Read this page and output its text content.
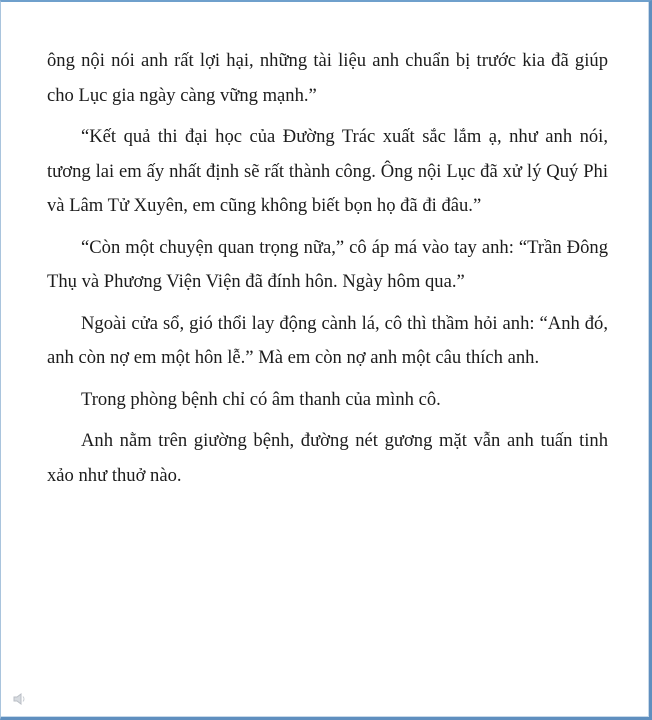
ông nội nói anh rất lợi hại, những tài liệu anh chuẩn bị trước kia đã giúp cho Lục gia ngày càng vững mạnh.”

“Kết quả thi đại học của Đường Trác xuất sắc lắm ạ, như anh nói, tương lai em ấy nhất định sẽ rất thành công. Ông nội Lục đã xử lý Quý Phi và Lâm Tử Xuyên, em cũng không biết bọn họ đã đi đâu.”

“Còn một chuyện quan trọng nữa,” cô áp má vào tay anh: “Trần Đông Thụ và Phương Viện Viện đã đính hôn. Ngày hôm qua.”

Ngoài cửa sổ, gió thổi lay động cành lá, cô thì thầm hỏi anh: “Anh đó, anh còn nợ em một hôn lễ.” Mà em còn nợ anh một câu thích anh.

Trong phòng bệnh chỉ có âm thanh của mình cô.

Anh nằm trên giường bệnh, đường nét gương mặt vẫn anh tuấn tinh xảo như thuở nào.
